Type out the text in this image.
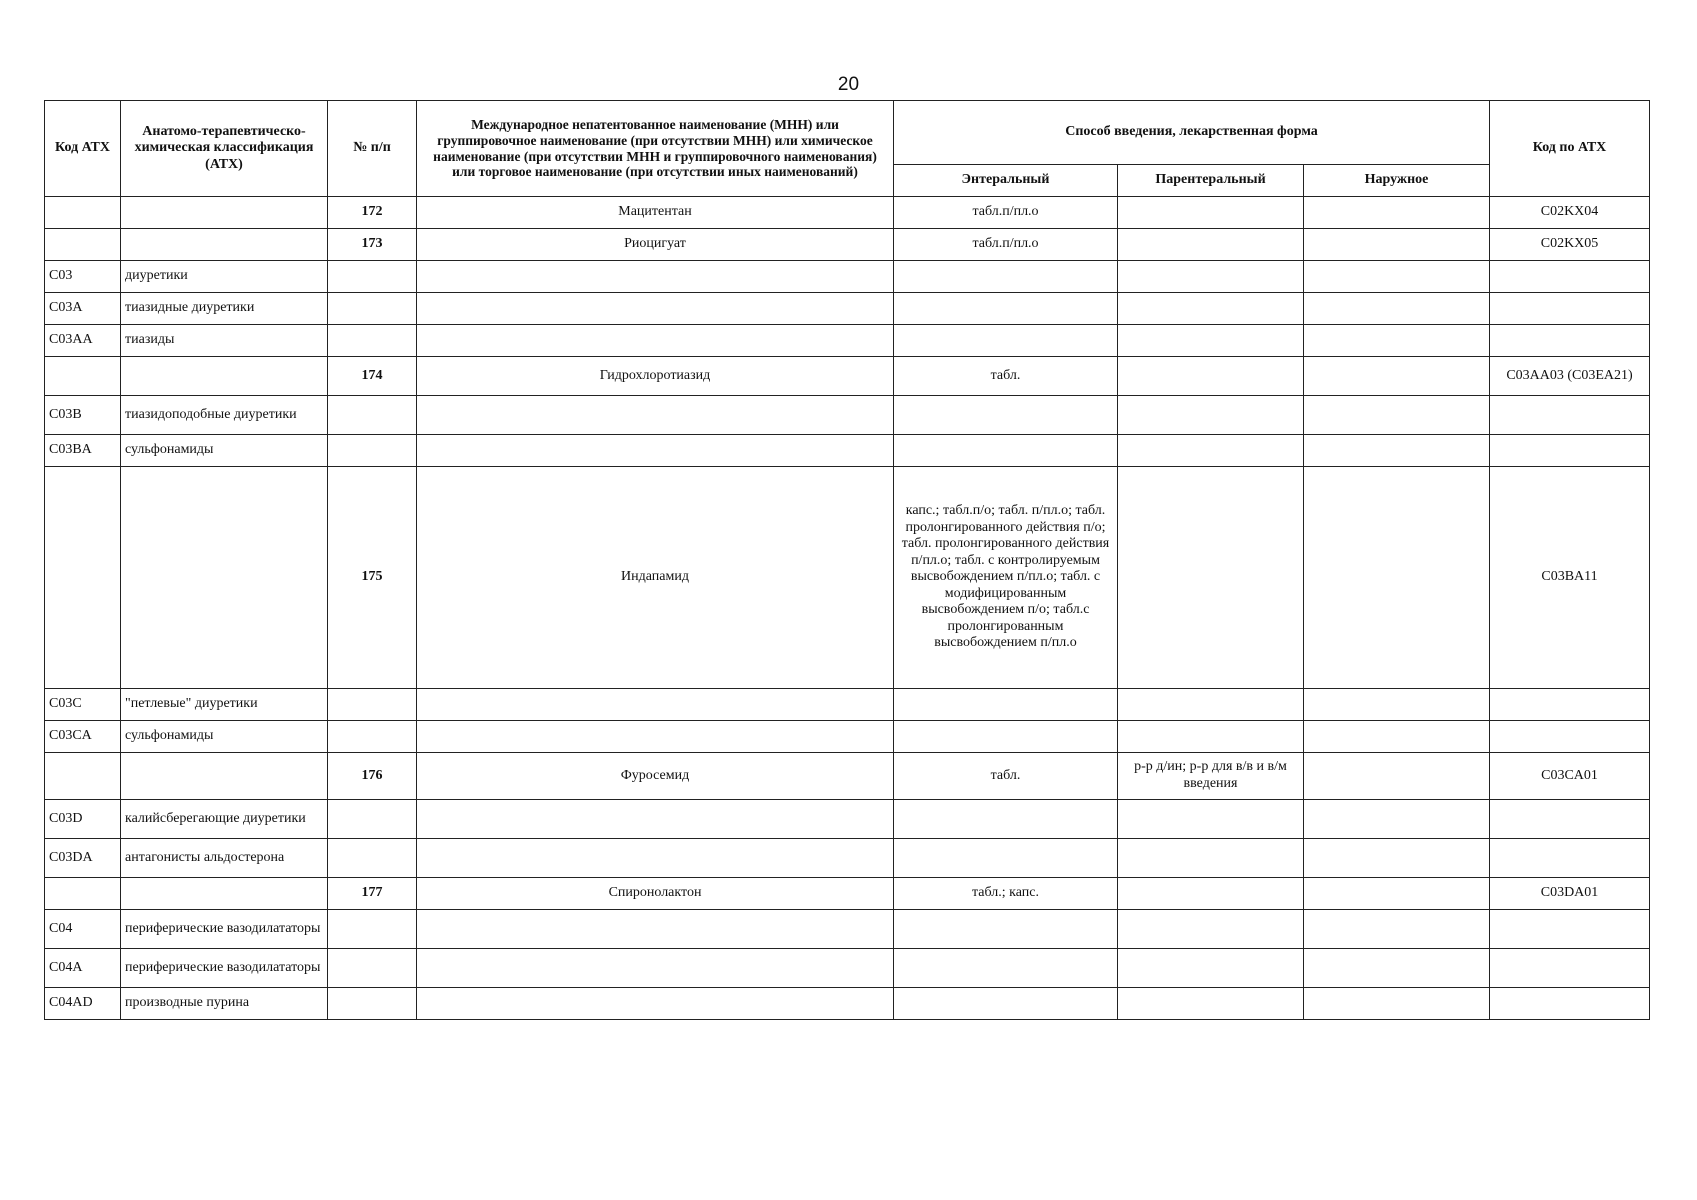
20
Код АТХ	Анатомо-терапевтическо-химическая классификация (АТХ)	№ п/п	Международное непатентованное наименование (МНН) или группировочное наименование (при отсутствии МНН) или химическое наименование (при отсутствии МНН и группировочного наименования) или торговое наименование (при отсутствии иных наименований)	Способ введения, лекарственная форма			Код по АТХ
				Энтеральный	Парентеральный	Наружное	
		172	Мацитентан	табл.п/пл.о			C02KX04
		173	Риоцигуат	табл.п/пл.о			C02KX05
C03	диуретики						
C03A	тиазидные диуретики						
C03AA	тиазиды						
		174	Гидрохлоротиазид	табл.			C03AA03 (C03EA21)
C03B	тиазидоподобные диуретики						
C03BA	сульфонамиды						
		175	Индапамид	капс.; табл.п/о; табл. п/пл.о; табл. пролонгированного действия п/о; табл. пролонгированного действия п/пл.о; табл. с контролируемым высвобождением п/пл.о; табл. с модифицированным высвобождением п/о; табл.с пролонгированным высвобождением п/пл.о			C03BA11
C03C	"петлевые" диуретики						
C03CA	сульфонамиды						
		176	Фуросемид	табл.	р-р д/ин; р-р для в/в и в/м введения		C03CA01
C03D	калийсберегающие диуретики						
C03DA	антагонисты альдостерона						
		177	Спиронолактон	табл.; капс.			C03DA01
C04	периферические вазодилататоры						
C04A	периферические вазодилататоры						
C04AD	производные пурина						
